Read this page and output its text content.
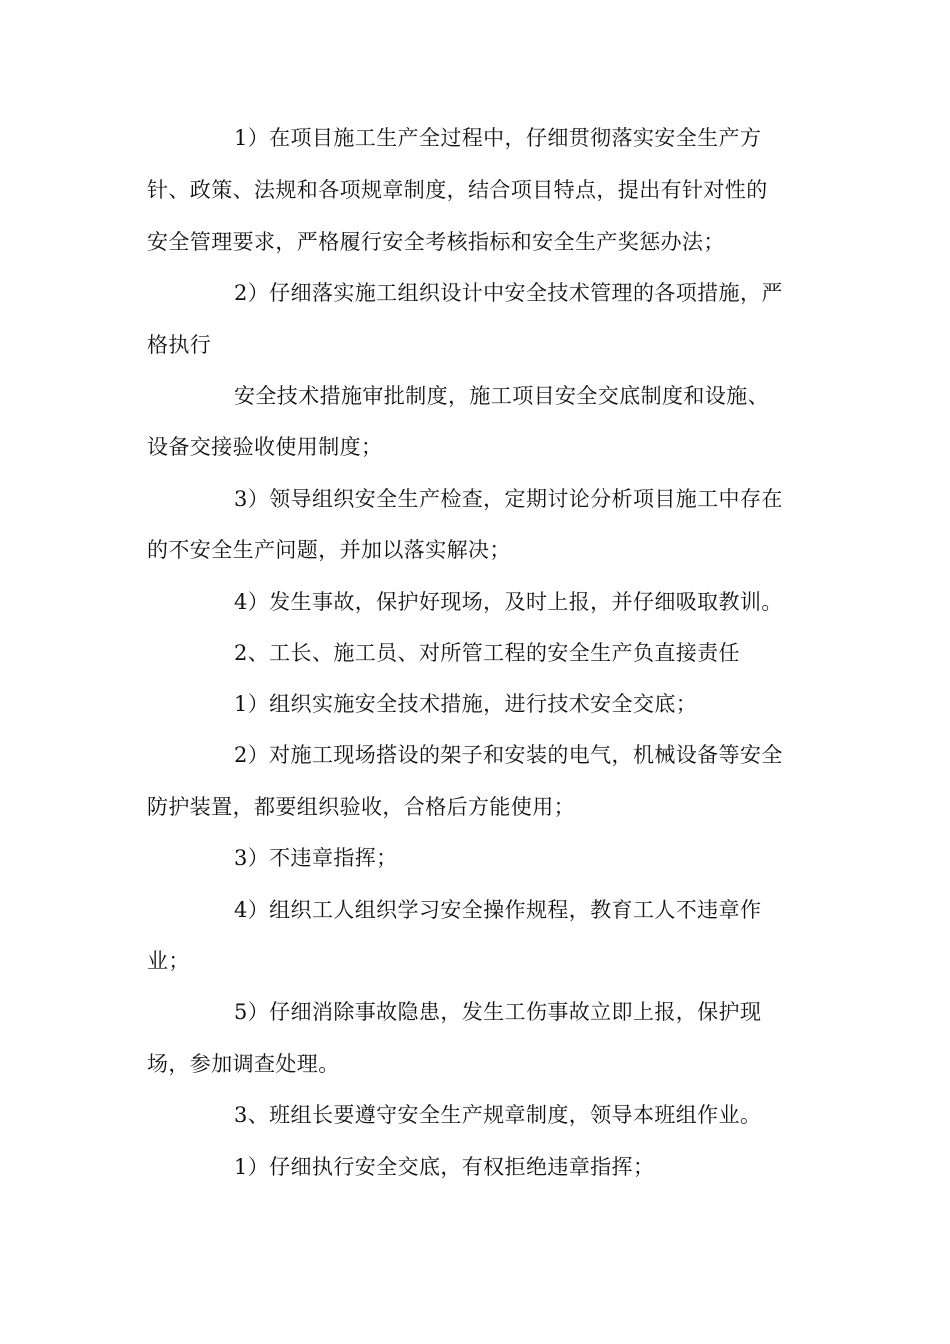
1）在项目施工生产全过程中，仔细贯彻落实安全生产方
针、政策、法规和各项规章制度，结合项目特点，提出有针对性的
安全管理要求，严格履行安全考核指标和安全生产奖惩办法；
2）仔细落实施工组织设计中安全技术管理的各项措施，严
格执行
安全技术措施审批制度，施工项目安全交底制度和设施、
设备交接验收使用制度；
3）领导组织安全生产检查，定期讨论分析项目施工中存在
的不安全生产问题，并加以落实解决；
4）发生事故，保护好现场，及时上报，并仔细吸取教训。
2、工长、施工员、对所管工程的安全生产负直接责任
1）组织实施安全技术措施，进行技术安全交底；
2）对施工现场搭设的架子和安装的电气，机械设备等安全
防护装置，都要组织验收，合格后方能使用；
3）不违章指挥；
4）组织工人组织学习安全操作规程，教育工人不违章作
业；
5）仔细消除事故隐患，发生工伤事故立即上报，保护现
场，参加调查处理。
3、班组长要遵守安全生产规章制度，领导本班组作业。
1）仔细执行安全交底，有权拒绝违章指挥；
